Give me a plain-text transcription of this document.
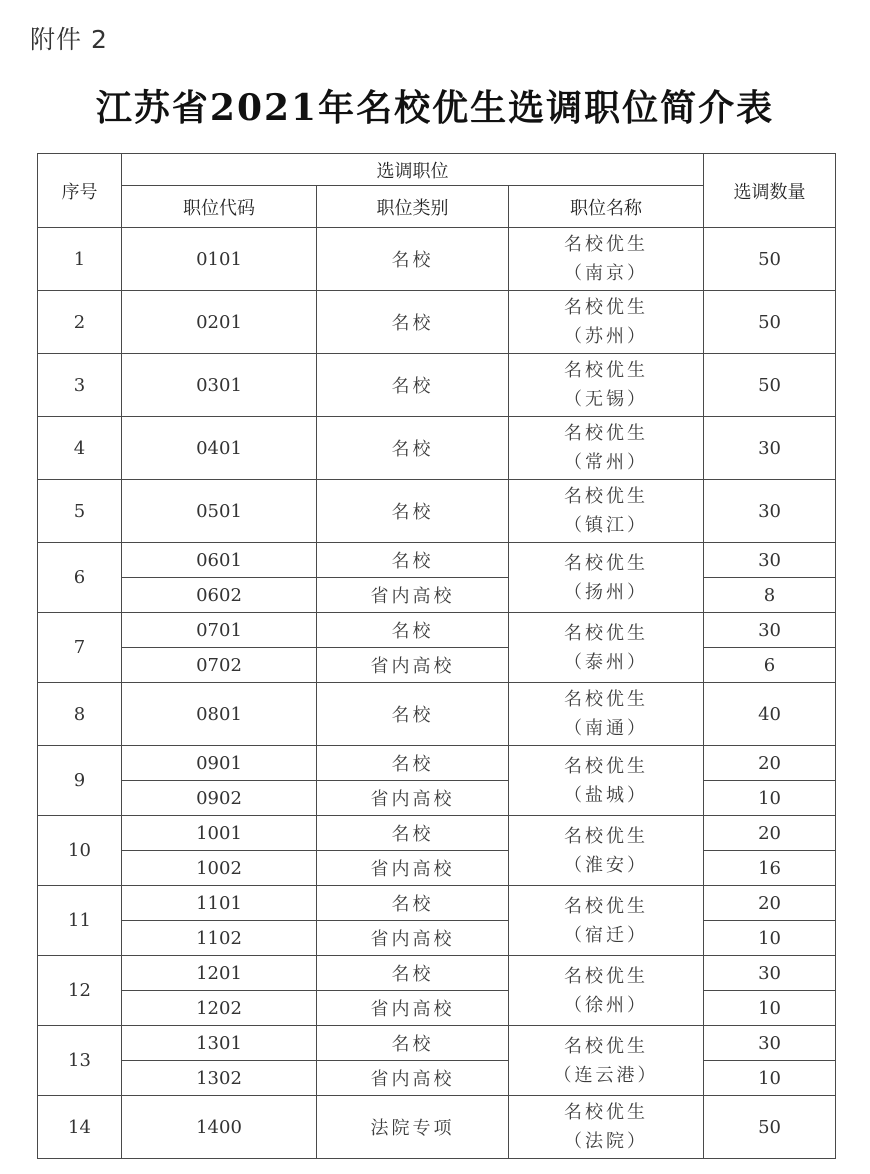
附件 2
江苏省2021年名校优生选调职位简介表
序号	选调职位			选调数量
	职位代码	职位类别	职位名称	
1	0101	名校	名校优生
（南京）	50
2	0201	名校	名校优生
（苏州）	50
3	0301	名校	名校优生
（无锡）	50
4	0401	名校	名校优生
（常州）	30
5	0501	名校	名校优生
（镇江）	30
6	0601	名校	名校优生
（扬州）	30
	0602	省内高校		8
7	0701	名校	名校优生
（泰州）	30
	0702	省内高校		6
8	0801	名校	名校优生
（南通）	40
9	0901	名校	名校优生
（盐城）	20
	0902	省内高校		10
10	1001	名校	名校优生
（淮安）	20
	1002	省内高校		16
11	1101	名校	名校优生
（宿迁）	20
	1102	省内高校		10
12	1201	名校	名校优生
（徐州）	30
	1202	省内高校		10
13	1301	名校	名校优生
（连云港）	30
	1302	省内高校		10
14	1400	法院专项	名校优生
（法院）	50
